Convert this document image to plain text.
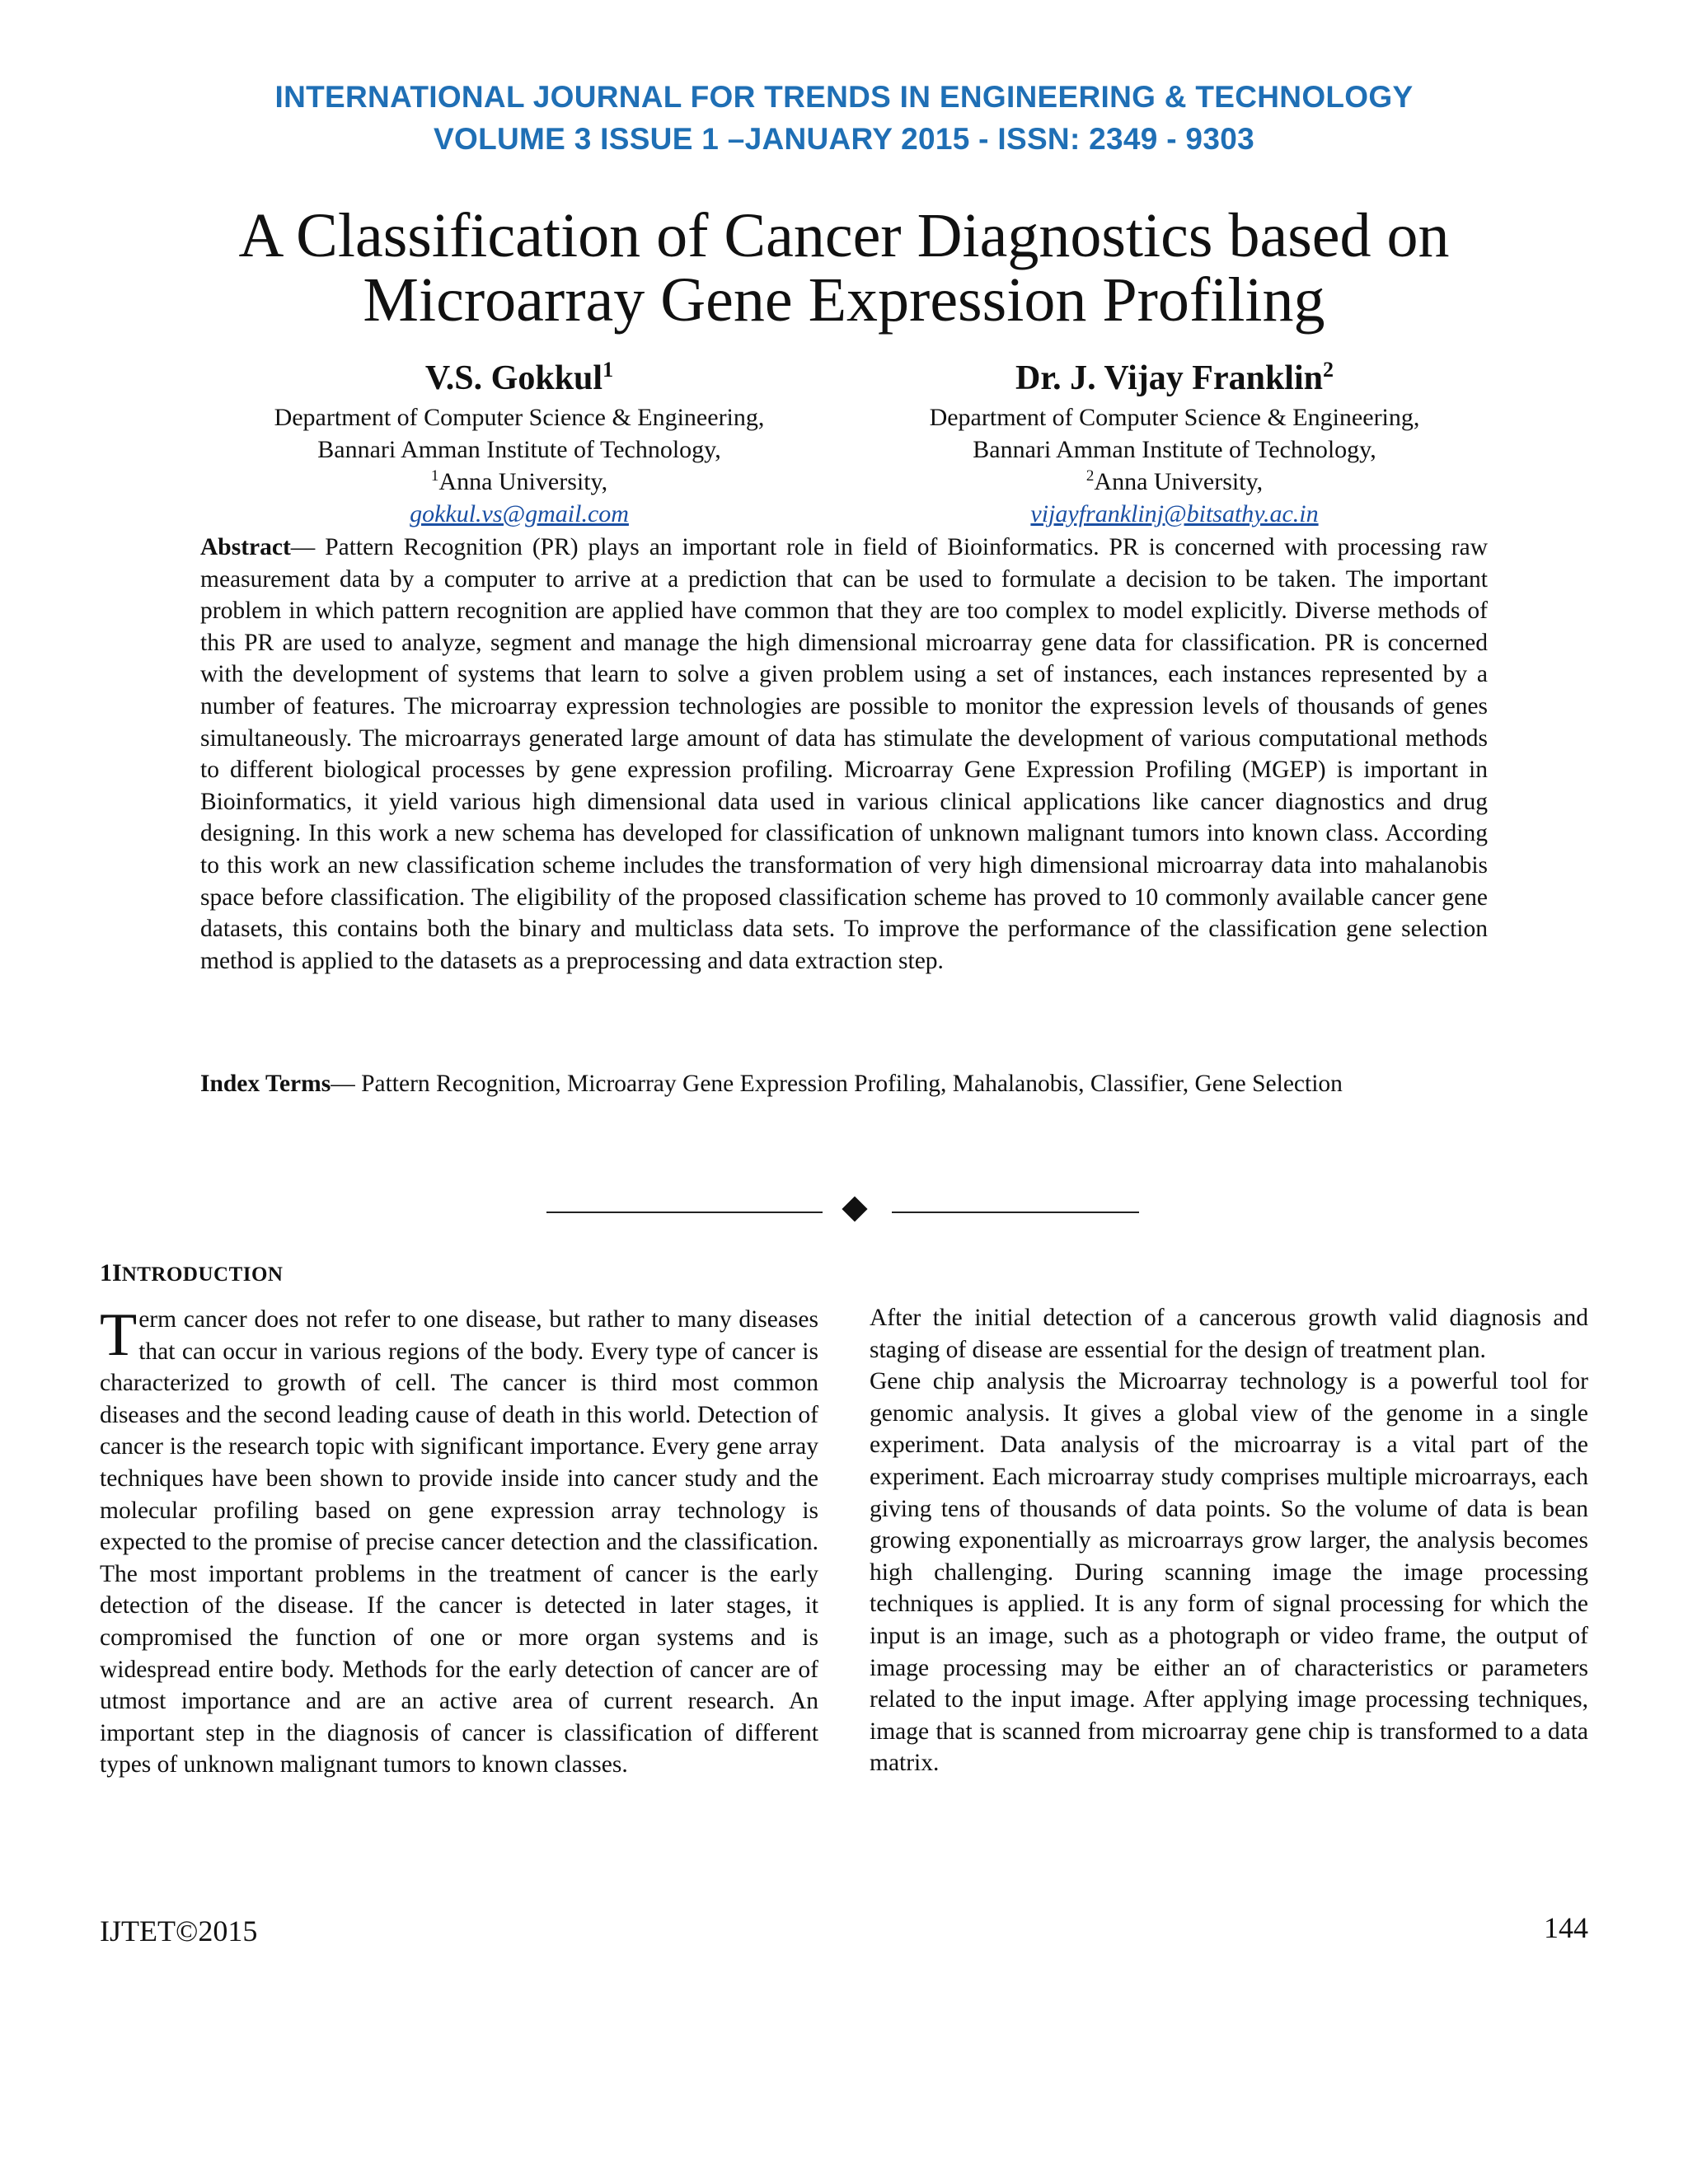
INTERNATIONAL JOURNAL FOR TRENDS IN ENGINEERING & TECHNOLOGY
VOLUME 3 ISSUE 1 –JANUARY 2015 - ISSN: 2349 - 9303
A Classification of Cancer Diagnostics based on
Microarray Gene Expression Profiling
V.S. Gokkul$^1$
Department of Computer Science & Engineering,
Bannari Amman Institute of Technology,
$^1$Anna University,
gokkul.vs@gmail.com
Dr. J. Vijay Franklin$^2$
Department of Computer Science & Engineering,
Bannari Amman Institute of Technology,
$^2$Anna University,
vijayfranklinj@bitsathy.ac.in
Abstract— Pattern Recognition (PR) plays an important role in field of Bioinformatics. PR is concerned with processing raw measurement data by a computer to arrive at a prediction that can be used to formulate a decision to be taken. The important problem in which pattern recognition are applied have common that they are too complex to model explicitly. Diverse methods of this PR are used to analyze, segment and manage the high dimensional microarray gene data for classification. PR is concerned with the development of systems that learn to solve a given problem using a set of instances, each instances represented by a number of features. The microarray expression technologies are possible to monitor the expression levels of thousands of genes simultaneously. The microarrays generated large amount of data has stimulate the development of various computational methods to different biological processes by gene expression profiling. Microarray Gene Expression Profiling (MGEP) is important in Bioinformatics, it yield various high dimensional data used in various clinical applications like cancer diagnostics and drug designing. In this work a new schema has developed for classification of unknown malignant tumors into known class. According to this work an new classification scheme includes the transformation of very high dimensional microarray data into mahalanobis space before classification. The eligibility of the proposed classification scheme has proved to 10 commonly available cancer gene datasets, this contains both the binary and multiclass data sets. To improve the performance of the classification gene selection method is applied to the datasets as a preprocessing and data extraction step.
Index Terms— Pattern Recognition, Microarray Gene Expression Profiling, Mahalanobis, Classifier, Gene Selection
1INTRODUCTION

Term cancer does not refer to one disease, but rather to many diseases that can occur in various regions of the body. Every type of cancer is characterized to growth of cell. The cancer is third most common diseases and the second leading cause of death in this world. Detection of cancer is the research topic with significant importance. Every gene array techniques have been shown to provide inside into cancer study and the molecular profiling based on gene expression array technology is expected to the promise of precise cancer detection and the classification. The most important problems in the treatment of cancer is the early detection of the disease. If the cancer is detected in later stages, it compromised the function of one or more organ systems and is widespread entire body. Methods for the early detection of cancer are of utmost importance and are an active area of current research. An important step in the diagnosis of cancer is classification of different types of unknown malignant tumors to known classes.

After the initial detection of a cancerous growth valid diagnosis and staging of disease are essential for the design of treatment plan.

Gene chip analysis the Microarray technology is a powerful tool for genomic analysis. It gives a global view of the genome in a single experiment. Data analysis of the microarray is a vital part of the experiment. Each microarray study comprises multiple microarrays, each giving tens of thousands of data points. So the volume of data is bean growing exponentially as microarrays grow larger, the analysis becomes high challenging. During scanning image the image processing techniques is applied. It is any form of signal processing for which the input is an image, such as a photograph or video frame, the output of image processing may be either an of characteristics or parameters related to the input image. After applying image processing techniques, image that is scanned from microarray gene chip is transformed to a data matrix.

IJTET©2015	144
